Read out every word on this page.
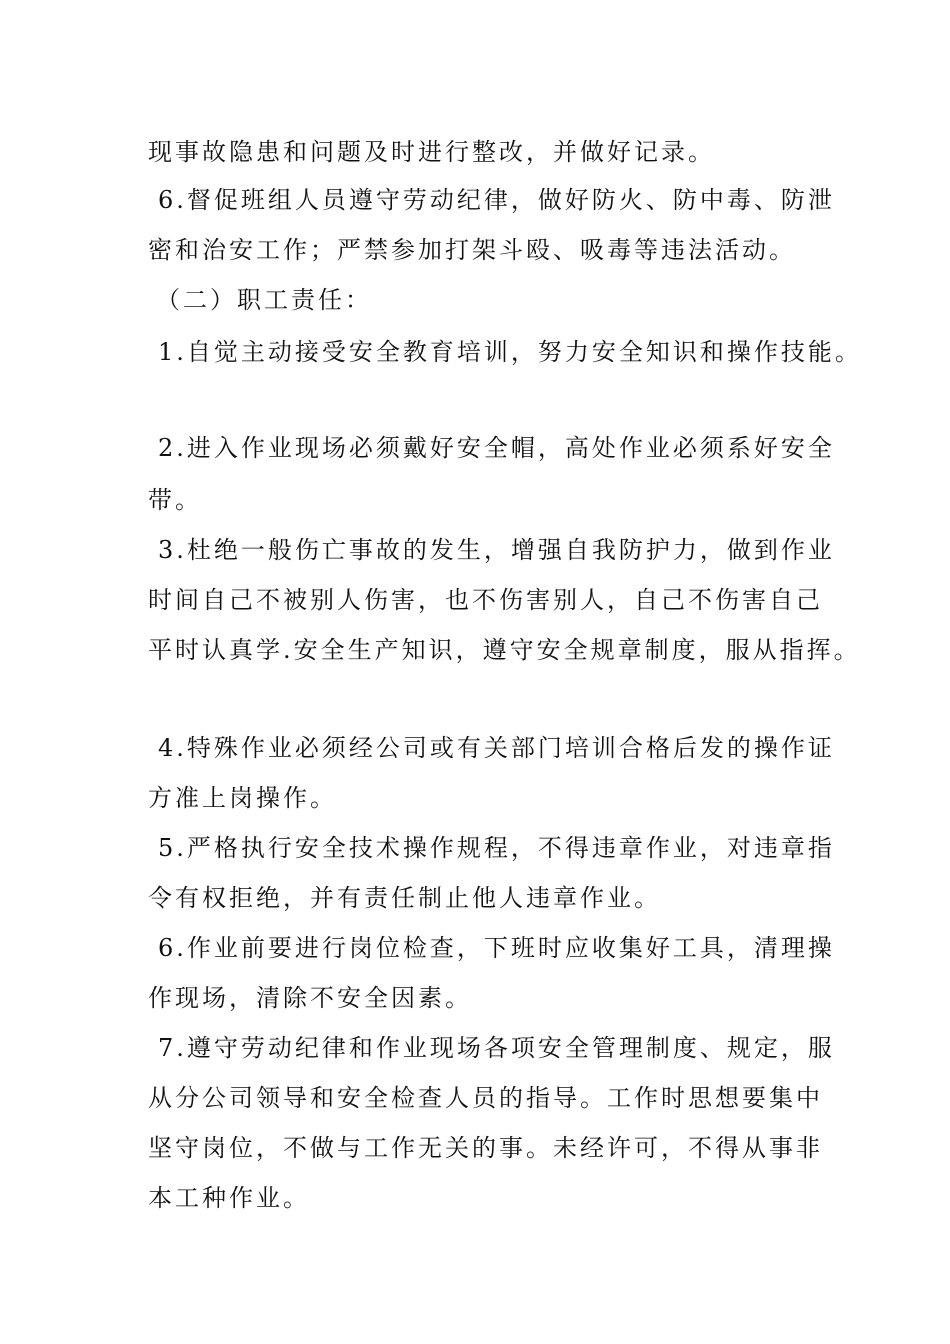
现事故隐患和问题及时进行整改，并做好记录。
6.督促班组人员遵守劳动纪律，做好防火、防中毒、防泄
密和治安工作；严禁参加打架斗殴、吸毒等违法活动。
（二）职工责任：
1.自觉主动接受安全教育培训，努力安全知识和操作技能。
2.进入作业现场必须戴好安全帽，高处作业必须系好安全
带。
3.杜绝一般伤亡事故的发生，增强自我防护力，做到作业
时间自己不被别人伤害，也不伤害别人，自己不伤害自己
平时认真学.安全生产知识，遵守安全规章制度，服从指挥。
4.特殊作业必须经公司或有关部门培训合格后发的操作证
方准上岗操作。
5.严格执行安全技术操作规程，不得违章作业，对违章指
令有权拒绝，并有责任制止他人违章作业。
6.作业前要进行岗位检查，下班时应收集好工具，清理操
作现场，清除不安全因素。
7.遵守劳动纪律和作业现场各项安全管理制度、规定，服
从分公司领导和安全检查人员的指导。工作时思想要集中
坚守岗位，不做与工作无关的事。未经许可，不得从事非
本工种作业。
